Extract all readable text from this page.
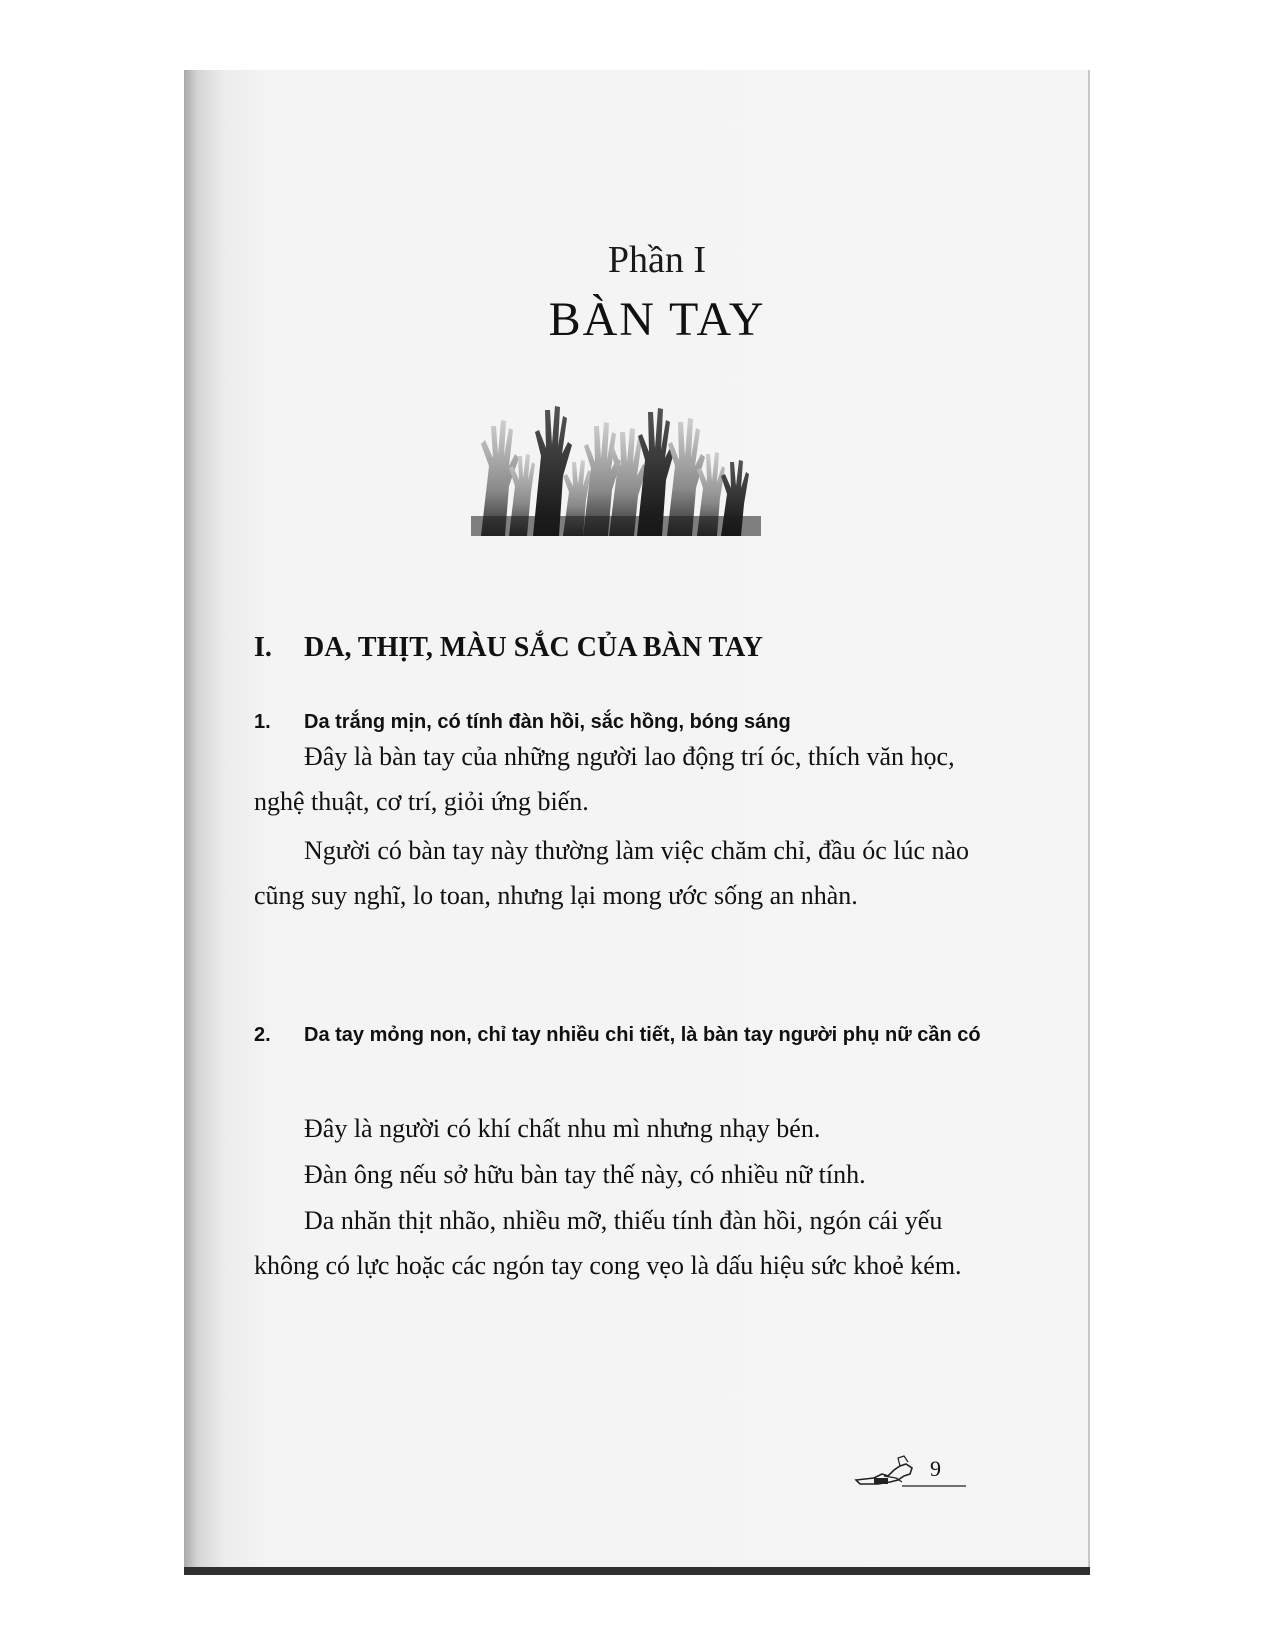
Phần I
BÀN TAY
I. DA, THỊT, MÀU SẮC CỦA BÀN TAY
1. Da trắng mịn, có tính đàn hồi, sắc hồng, bóng sáng
Đây là bàn tay của những người lao động trí óc, thích văn học, nghệ thuật, cơ trí, giỏi ứng biến.
Người có bàn tay này thường làm việc chăm chỉ, đầu óc lúc nào cũng suy nghĩ, lo toan, nhưng lại mong ước sống an nhàn.
2. Da tay mỏng non, chỉ tay nhiều chi tiết, là bàn tay người phụ nữ cần có
Đây là người có khí chất nhu mì nhưng nhạy bén.
Đàn ông nếu sở hữu bàn tay thế này, có nhiều nữ tính.
Da nhăn thịt nhão, nhiều mỡ, thiếu tính đàn hồi, ngón cái yếu không có lực hoặc các ngón tay cong vẹo là dấu hiệu sức khoẻ kém.
9
